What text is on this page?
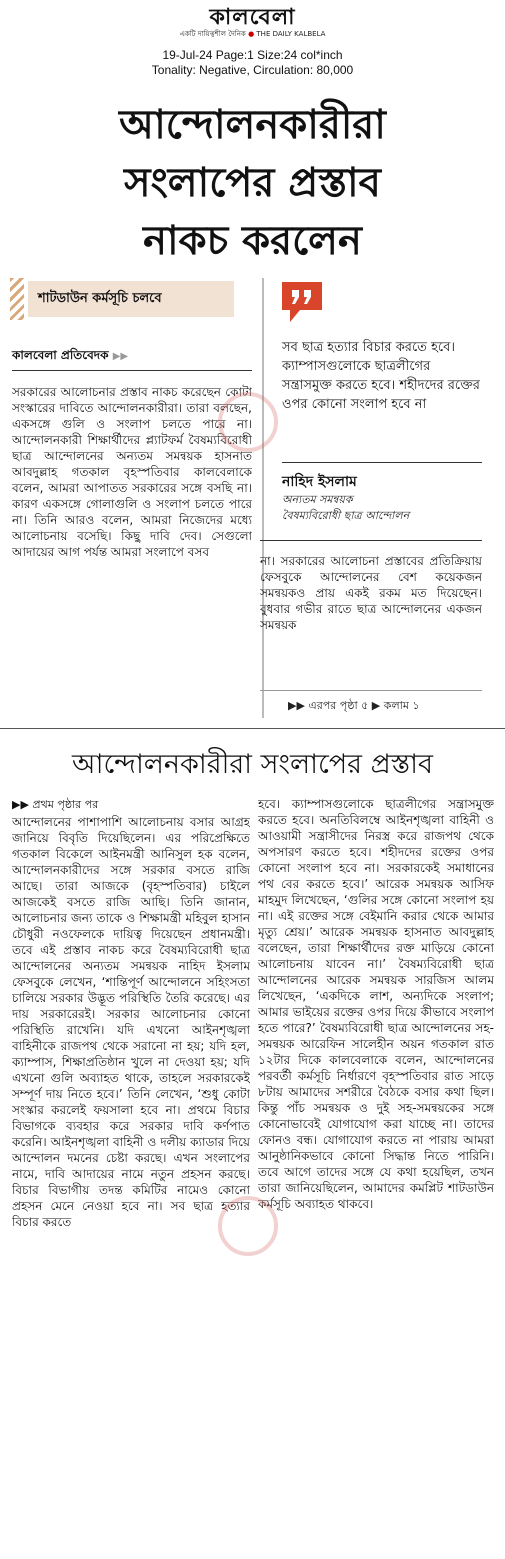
কালবেলা
একটি দায়িত্বশীল দৈনিক ● THE DAILY KALBELA
19-Jul-24 Page:1 Size:24 col*inch
Tonality: Negative, Circulation: 80,000
আন্দোলনকারীরা
সংলাপের প্রস্তাব
নাকচ করলেন
শাটডাউন কর্মসূচি চলবে
কালবেলা প্রতিবেদক ▶▶
সরকারের আলোচনার প্রস্তাব নাকচ করেছেন কোটা সংস্কারের দাবিতে আন্দোলনকারীরা। তারা বলছেন, একসঙ্গে গুলি ও সংলাপ চলতে পারে না। আন্দোলনকারী শিক্ষার্থীদের প্ল্যাটফর্ম বৈষম্যবিরোধী ছাত্র আন্দোলনের অন্যতম সমন্বয়ক হাসনাত আবদুল্লাহ গতকাল বৃহস্পতিবার কালবেলাকে বলেন, আমরা আপাতত সরকারের সঙ্গে বসছি না। কারণ একসঙ্গে গোলাগুলি ও সংলাপ চলতে পারে না। তিনি আরও বলেন, আমরা নিজেদের মধ্যে আলোচনায় বসেছি। কিছু দাবি দেব। সেগুলো আদায়ের আগ পর্যন্ত আমরা সংলাপে বসব
সব ছাত্র হত্যার বিচার করতে হবে। ক্যাম্পাসগুলোকে ছাত্রলীগের সন্ত্রাসমুক্ত করতে হবে। শহীদদের রক্তের ওপর কোনো সংলাপ হবে না
নাহিদ ইসলাম
অন্যতম সমন্বয়ক
বৈষম্যবিরোধী ছাত্র আন্দোলন
না। সরকারের আলোচনা প্রস্তাবের প্রতিক্রিয়ায় ফেসবুকে আন্দোলনের বেশ কয়েকজন সমন্বয়কও প্রায় একই রকম মত দিয়েছেন। বুধবার গভীর রাতে ছাত্র আন্দোলনের একজন সমন্বয়ক
▶▶ এরপর পৃষ্ঠা ৫ ▶ কলাম ১
আন্দোলনকারীরা সংলাপের প্রস্তাব
▶▶ প্রথম পৃষ্ঠার পর
আন্দোলনের পাশাপাশি আলোচনায় বসার আগ্রহ জানিয়ে বিবৃতি দিয়েছিলেন। এর পরিপ্রেক্ষিতে গতকাল বিকেলে আইনমন্ত্রী আনিসুল হক বলেন, আন্দোলনকারীদের সঙ্গে সরকার বসতে রাজি আছে। তারা আজকে (বৃহস্পতিবার) চাইলে আজকেই বসতে রাজি আছি। তিনি জানান, আলোচনার জন্য তাকে ও শিক্ষামন্ত্রী মহিবুল হাসান চৌধুরী নওফেলকে দায়িত্ব দিয়েছেন প্রধানমন্ত্রী। তবে এই প্রস্তাব নাকচ করে বৈষম্যবিরোধী ছাত্র আন্দোলনের অন্যতম সমন্বয়ক নাহিদ ইসলাম ফেসবুকে লেখেন, ‘শান্তিপূর্ণ আন্দোলনে সহিংসতা চালিয়ে সরকার উদ্ভূত পরিস্থিতি তৈরি করেছে। এর দায় সরকারেরই। সরকার আলোচনার কোনো পরিস্থিতি রাখেনি। যদি এখনো আইনশৃঙ্খলা বাহিনীকে রাজপথ থেকে সরানো না হয়; যদি হল, ক্যাম্পাস, শিক্ষাপ্রতিষ্ঠান খুলে না দেওয়া হয়; যদি এখনো গুলি অব্যাহত থাকে, তাহলে সরকারকেই সম্পূর্ণ দায় নিতে হবে।’ তিনি লেখেন, ‘শুধু কোটা সংস্কার করলেই ফয়সালা হবে না। প্রথমে বিচার বিভাগকে ব্যবহার করে সরকার দাবি কর্ণপাত করেনি। আইনশৃঙ্খলা বাহিনী ও দলীয় ক্যাডার দিয়ে আন্দোলন দমনের চেষ্টা করছে। এখন সংলাপের নামে, দাবি আদায়ের নামে নতুন প্রহসন করছে। বিচার বিভাগীয় তদন্ত কমিটির নামেও কোনো প্রহসন মেনে নেওয়া হবে না। সব ছাত্র হত্যার বিচার করতে
হবে। ক্যাম্পাসগুলোকে ছাত্রলীগের সন্ত্রাসমুক্ত করতে হবে। অনতিবিলম্বে আইনশৃঙ্খলা বাহিনী ও আওয়ামী সন্ত্রাসীদের নিরস্ত্র করে রাজপথ থেকে অপসারণ করতে হবে। শহীদদের রক্তের ওপর কোনো সংলাপ হবে না। সরকারকেই সমাধানের পথ বের করতে হবে।’ আরেক সমন্বয়ক আসিফ মাহমুদ লিখেছেন, ‘গুলির সঙ্গে কোনো সংলাপ হয় না। এই রক্তের সঙ্গে বেইমানি করার থেকে আমার মৃত্যু শ্রেয়।’ আরেক সমন্বয়ক হাসনাত আবদুল্লাহ বলেছেন, তারা শিক্ষার্থীদের রক্ত মাড়িয়ে কোনো আলোচনায় যাবেন না।’ বৈষম্যবিরোধী ছাত্র আন্দোলনের আরেক সমন্বয়ক সারজিস আলম লিখেছেন, ‘একদিকে লাশ, অন্যদিকে সংলাপ; আমার ভাইয়ের রক্তের ওপর দিয়ে কীভাবে সংলাপ হতে পারে?’ বৈষম্যবিরোধী ছাত্র আন্দোলনের সহ-সমন্বয়ক আরেফিন সালেহীন অয়ন গতকাল রাত ১২টার দিকে কালবেলাকে বলেন, আন্দোলনের পরবর্তী কর্মসূচি নির্ধারণে বৃহস্পতিবার রাত সাড়ে ৮টায় আমাদের সশরীরে বৈঠকে বসার কথা ছিল। কিন্তু পাঁচ সমন্বয়ক ও দুই সহ-সমন্বয়কের সঙ্গে কোনোভাবেই যোগাযোগ করা যাচ্ছে না। তাদের ফোনও বন্ধ। যোগাযোগ করতে না পারায় আমরা আনুষ্ঠানিকভাবে কোনো সিদ্ধান্ত নিতে পারিনি। তবে আগে তাদের সঙ্গে যে কথা হয়েছিল, তখন তারা জানিয়েছিলেন, আমাদের কমপ্লিট শাটডাউন কর্মসূচি অব্যাহত থাকবে।
